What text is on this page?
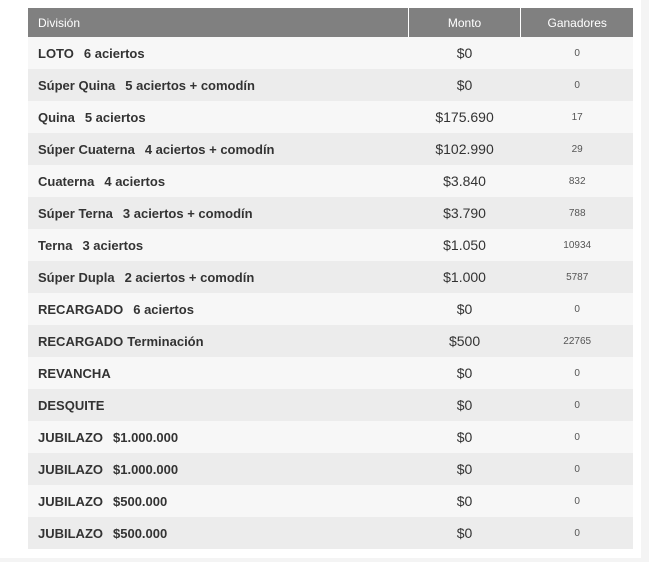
División	Monto	Ganadores
LOTO 6 aciertos	$0	0
Súper Quina 5 aciertos + comodín	$0	0
Quina 5 aciertos	$175.690	17
Súper Cuaterna 4 aciertos + comodín	$102.990	29
Cuaterna 4 aciertos	$3.840	832
Súper Terna 3 aciertos + comodín	$3.790	788
Terna 3 aciertos	$1.050	10934
Súper Dupla 2 aciertos + comodín	$1.000	5787
RECARGADO 6 aciertos	$0	0
RECARGADO Terminación	$500	22765
REVANCHA	$0	0
DESQUITE	$0	0
JUBILAZO $1.000.000	$0	0
JUBILAZO $1.000.000	$0	0
JUBILAZO $500.000	$0	0
JUBILAZO $500.000	$0	0
